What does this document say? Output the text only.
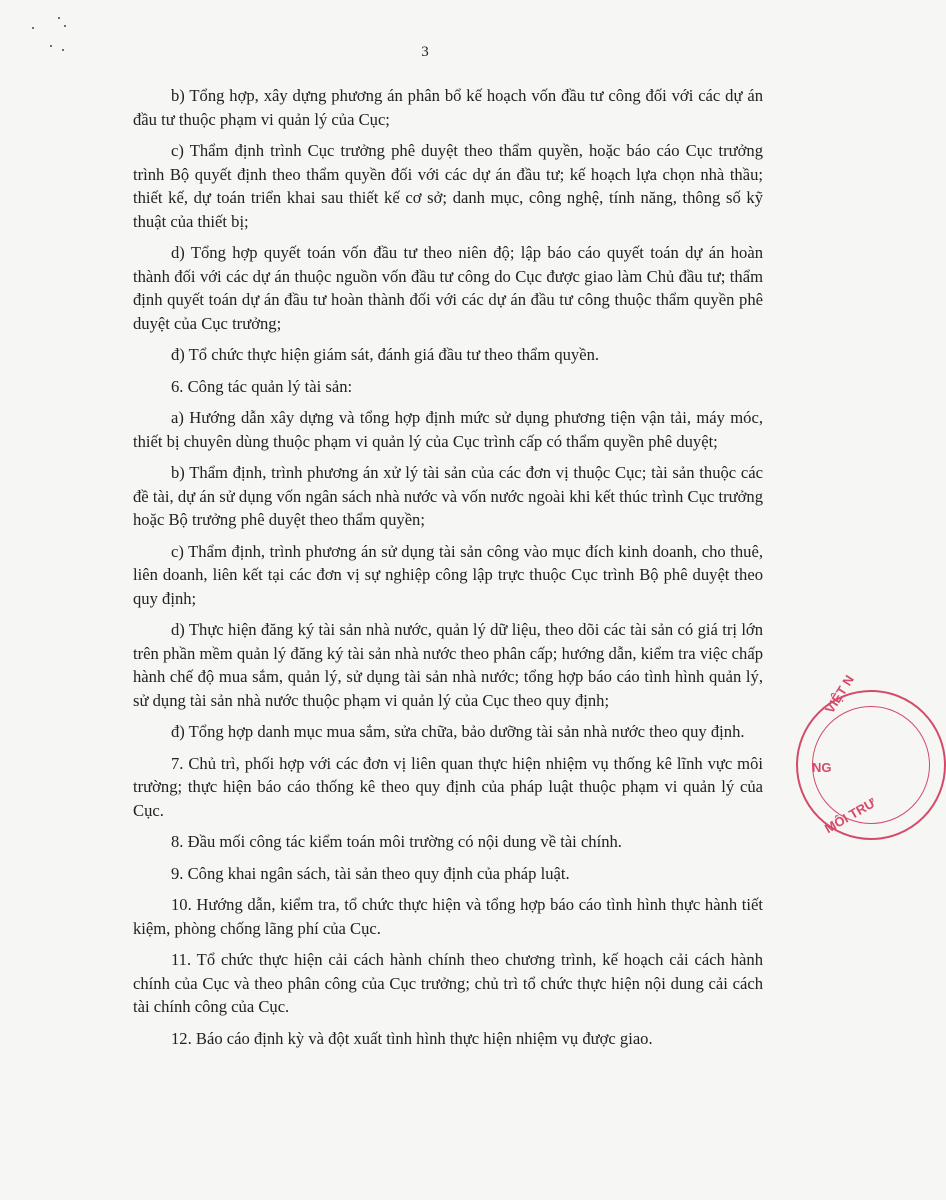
3

b) Tổng hợp, xây dựng phương án phân bổ kế hoạch vốn đầu tư công đối với các dự án đầu tư thuộc phạm vi quản lý của Cục;

c) Thẩm định trình Cục trưởng phê duyệt theo thẩm quyền, hoặc báo cáo Cục trưởng trình Bộ quyết định theo thẩm quyền đối với các dự án đầu tư; kế hoạch lựa chọn nhà thầu; thiết kế, dự toán triển khai sau thiết kế cơ sở; danh mục, công nghệ, tính năng, thông số kỹ thuật của thiết bị;

d) Tổng hợp quyết toán vốn đầu tư theo niên độ; lập báo cáo quyết toán dự án hoàn thành đối với các dự án thuộc nguồn vốn đầu tư công do Cục được giao làm Chủ đầu tư; thẩm định quyết toán dự án đầu tư hoàn thành đối với các dự án đầu tư công thuộc thẩm quyền phê duyệt của Cục trưởng;

đ) Tổ chức thực hiện giám sát, đánh giá đầu tư theo thẩm quyền.

6. Công tác quản lý tài sản:

a) Hướng dẫn xây dựng và tổng hợp định mức sử dụng phương tiện vận tải, máy móc, thiết bị chuyên dùng thuộc phạm vi quản lý của Cục trình cấp có thẩm quyền phê duyệt;

b) Thẩm định, trình phương án xử lý tài sản của các đơn vị thuộc Cục; tài sản thuộc các đề tài, dự án sử dụng vốn ngân sách nhà nước và vốn nước ngoài khi kết thúc trình Cục trưởng hoặc Bộ trưởng phê duyệt theo thẩm quyền;

c) Thẩm định, trình phương án sử dụng tài sản công vào mục đích kinh doanh, cho thuê, liên doanh, liên kết tại các đơn vị sự nghiệp công lập trực thuộc Cục trình Bộ phê duyệt theo quy định;

d) Thực hiện đăng ký tài sản nhà nước, quản lý dữ liệu, theo dõi các tài sản có giá trị lớn trên phần mềm quản lý đăng ký tài sản nhà nước theo phân cấp; hướng dẫn, kiểm tra việc chấp hành chế độ mua sắm, quản lý, sử dụng tài sản nhà nước; tổng hợp báo cáo tình hình quản lý, sử dụng tài sản nhà nước thuộc phạm vi quản lý của Cục theo quy định;

đ) Tổng hợp danh mục mua sắm, sửa chữa, bảo dưỡng tài sản nhà nước theo quy định.

7. Chủ trì, phối hợp với các đơn vị liên quan thực hiện nhiệm vụ thống kê lĩnh vực môi trường; thực hiện báo cáo thống kê theo quy định của pháp luật thuộc phạm vi quản lý của Cục.

8. Đầu mối công tác kiểm toán môi trường có nội dung về tài chính.

9. Công khai ngân sách, tài sản theo quy định của pháp luật.

10. Hướng dẫn, kiểm tra, tổ chức thực hiện và tổng hợp báo cáo tình hình thực hành tiết kiệm, phòng chống lãng phí của Cục.

11. Tổ chức thực hiện cải cách hành chính theo chương trình, kế hoạch cải cách hành chính của Cục và theo phân công của Cục trưởng; chủ trì tổ chức thực hiện nội dung cải cách tài chính công của Cục.

12. Báo cáo định kỳ và đột xuất tình hình thực hiện nhiệm vụ được giao.

VIỆT N
NG
MÔI TRƯ
